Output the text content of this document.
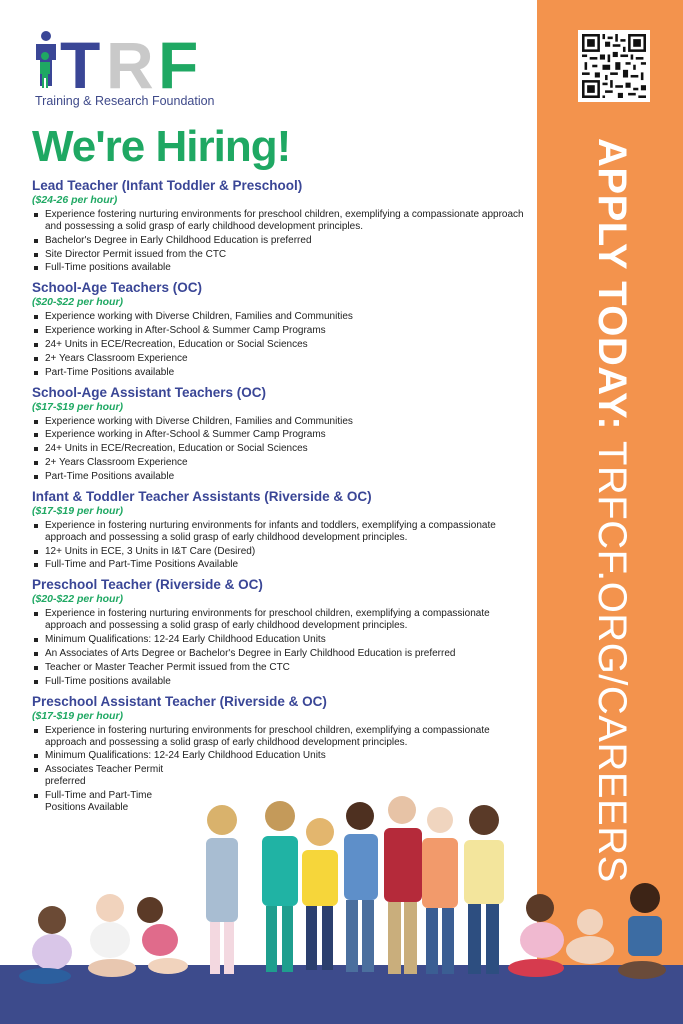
APPLY TODAY: TRFCF.ORG/CAREERS
T R F
Training & Research Foundation
We're Hiring!
Lead Teacher (Infant Toddler & Preschool)
($24-26 per hour)
Experience fostering nurturing environments for preschool children, exemplifying a compassionate approach and possessing a solid grasp of early childhood development principles.
Bachelor's Degree in Early Childhood Education is preferred
Site Director Permit issued from the CTC
Full-Time positions available
School-Age Teachers (OC)
($20-$22 per hour)
Experience working with Diverse Children, Families and Communities
Experience working in After-School & Summer Camp Programs
24+ Units in ECE/Recreation, Education or Social Sciences
2+ Years Classroom Experience
Part-Time Positions available
School-Age Assistant Teachers (OC)
($17-$19 per hour)
Experience working with Diverse Children, Families and Communities
Experience working in After-School & Summer Camp Programs
24+ Units in ECE/Recreation, Education or Social Sciences
2+ Years Classroom Experience
Part-Time Positions available
Infant & Toddler Teacher Assistants (Riverside & OC)
($17-$19 per hour)
Experience in fostering nurturing environments for infants and toddlers, exemplifying a compassionate approach and possessing a solid grasp of early childhood development principles.
12+ Units in ECE, 3 Units in I&T Care (Desired)
Full-Time and Part-Time Positions Available
Preschool Teacher (Riverside & OC)
($20-$22 per hour)
Experience in fostering nurturing environments for preschool children, exemplifying a compassionate approach and possessing a solid grasp of early childhood development principles.
Minimum Qualifications: 12-24 Early Childhood Education Units
An Associates of Arts Degree or Bachelor's Degree in Early Childhood Education is preferred
Teacher or Master Teacher Permit issued from the CTC
Full-Time positions available
Preschool Assistant Teacher (Riverside & OC)
($17-$19 per hour)
Experience in fostering nurturing environments for preschool children, exemplifying a compassionate approach and possessing a solid grasp of early childhood development principles.
Minimum Qualifications: 12-24 Early Childhood Education Units
Associates Teacher Permit preferred
Full-Time and Part-Time Positions Available
